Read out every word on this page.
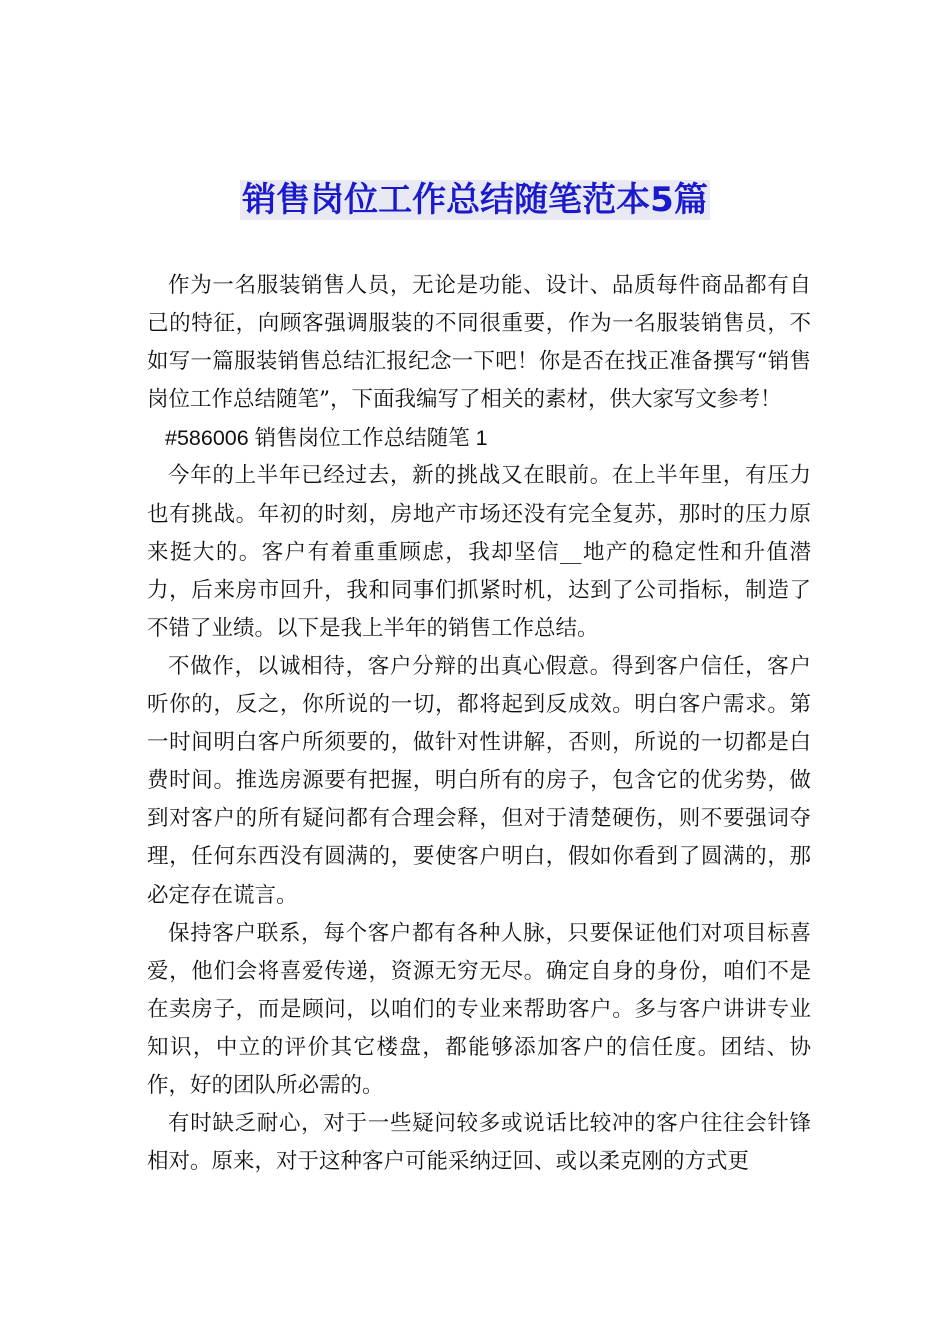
销售岗位工作总结随笔范本5篇

作为一名服装销售人员，无论是功能、设计、品质每件商品都有自己的特征，向顾客强调服装的不同很重要，作为一名服装销售员，不如写一篇服装销售总结汇报纪念一下吧！你是否在找正准备撰写“销售岗位工作总结随笔”，下面我编写了相关的素材，供大家写文参考！

#586006 销售岗位工作总结随笔 1

今年的上半年已经过去，新的挑战又在眼前。在上半年里，有压力也有挑战。年初的时刻，房地产市场还没有完全复苏，那时的压力原来挺大的。客户有着重重顾虑，我却坚信__地产的稳定性和升值潜力，后来房市回升，我和同事们抓紧时机，达到了公司指标，制造了不错了业绩。以下是我上半年的销售工作总结。

不做作，以诚相待，客户分辩的出真心假意。得到客户信任，客户听你的，反之，你所说的一切，都将起到反成效。明白客户需求。第一时间明白客户所须要的，做针对性讲解，否则，所说的一切都是白费时间。推选房源要有把握，明白所有的房子，包含它的优劣势，做到对客户的所有疑问都有合理会释，但对于清楚硬伤，则不要强词夺理，任何东西没有圆满的，要使客户明白，假如你看到了圆满的，那必定存在谎言。

保持客户联系，每个客户都有各种人脉，只要保证他们对项目标喜爱，他们会将喜爱传递，资源无穷无尽。确定自身的身份，咱们不是在卖房子，而是顾问，以咱们的专业来帮助客户。多与客户讲讲专业知识，中立的评价其它楼盘，都能够添加客户的信任度。团结、协作，好的团队所必需的。

有时缺乏耐心，对于一些疑问较多或说话比较冲的客户往往会针锋相对。原来，对于这种客户可能采纳迂回、或以柔克刚的方式更
